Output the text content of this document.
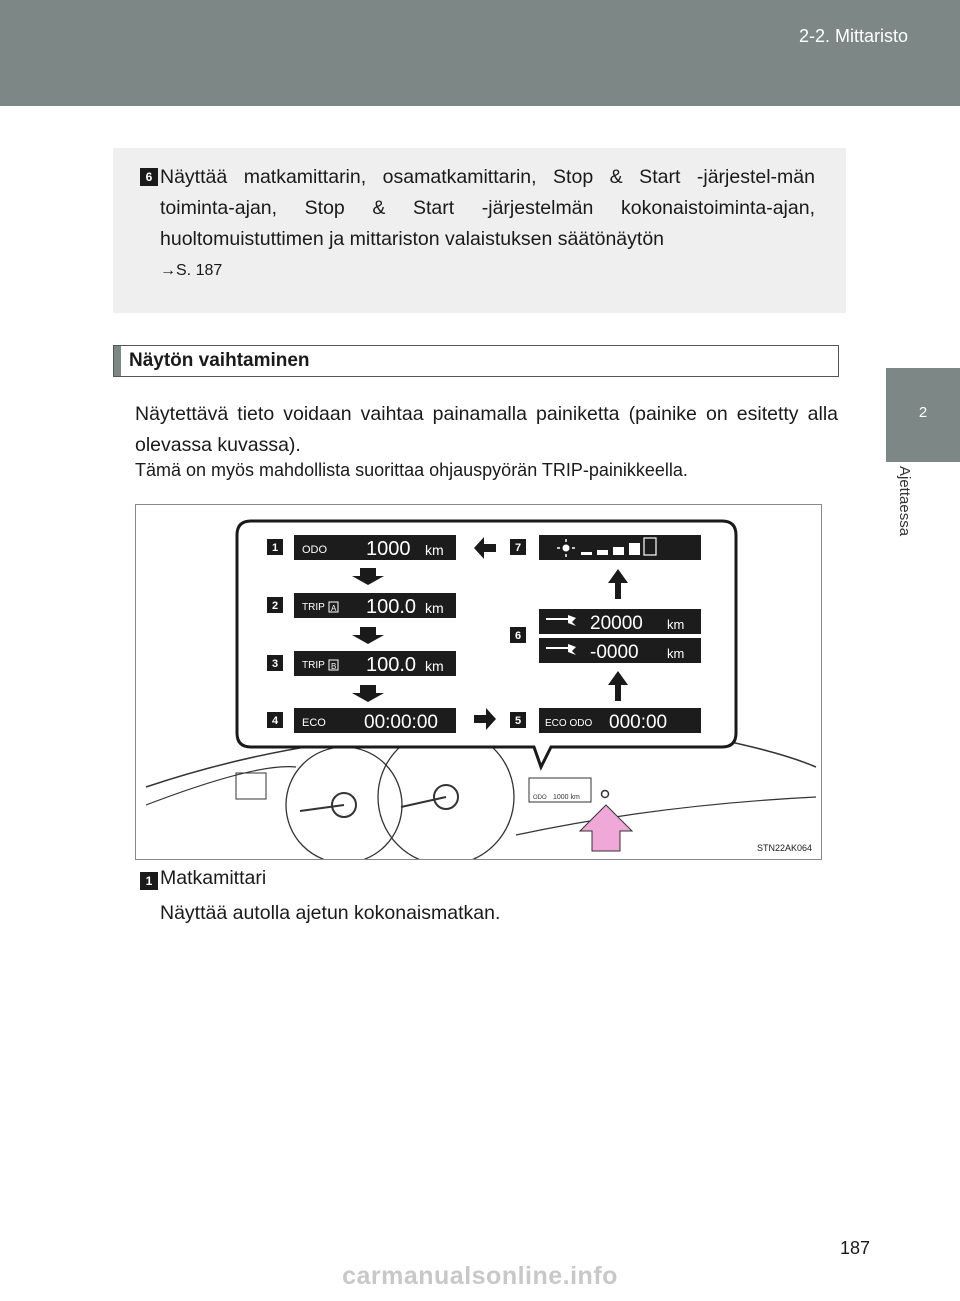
2-2. Mittaristo
2
Ajettaessa
6 Näyttää matkamittarin, osamatkamittarin, Stop & Start -järjestel-män toiminta-ajan, Stop & Start -järjestelmän kokonaistoiminta-ajan, huoltomuistuttimen ja mittariston valaistuksen säätönäytön
→S. 187
Näytön vaihtaminen
Näytettävä tieto voidaan vaihtaa painamalla painiketta (painike on esitetty alla olevassa kuvassa).
Tämä on myös mahdollista suorittaa ohjauspyörän TRIP-painikkeella.
ODO 1000 km
1
2
3
4	5
6
7
ODO 1000 km
TRIP A 100.0 km
TRIP B 100.0 km
ECO 00:00:00	ECO ODO 000:00
20000 km
-0000 km
STN22AK064
1 Matkamittari
Näyttää autolla ajetun kokonaismatkan.
187
carmanualsonline.info
